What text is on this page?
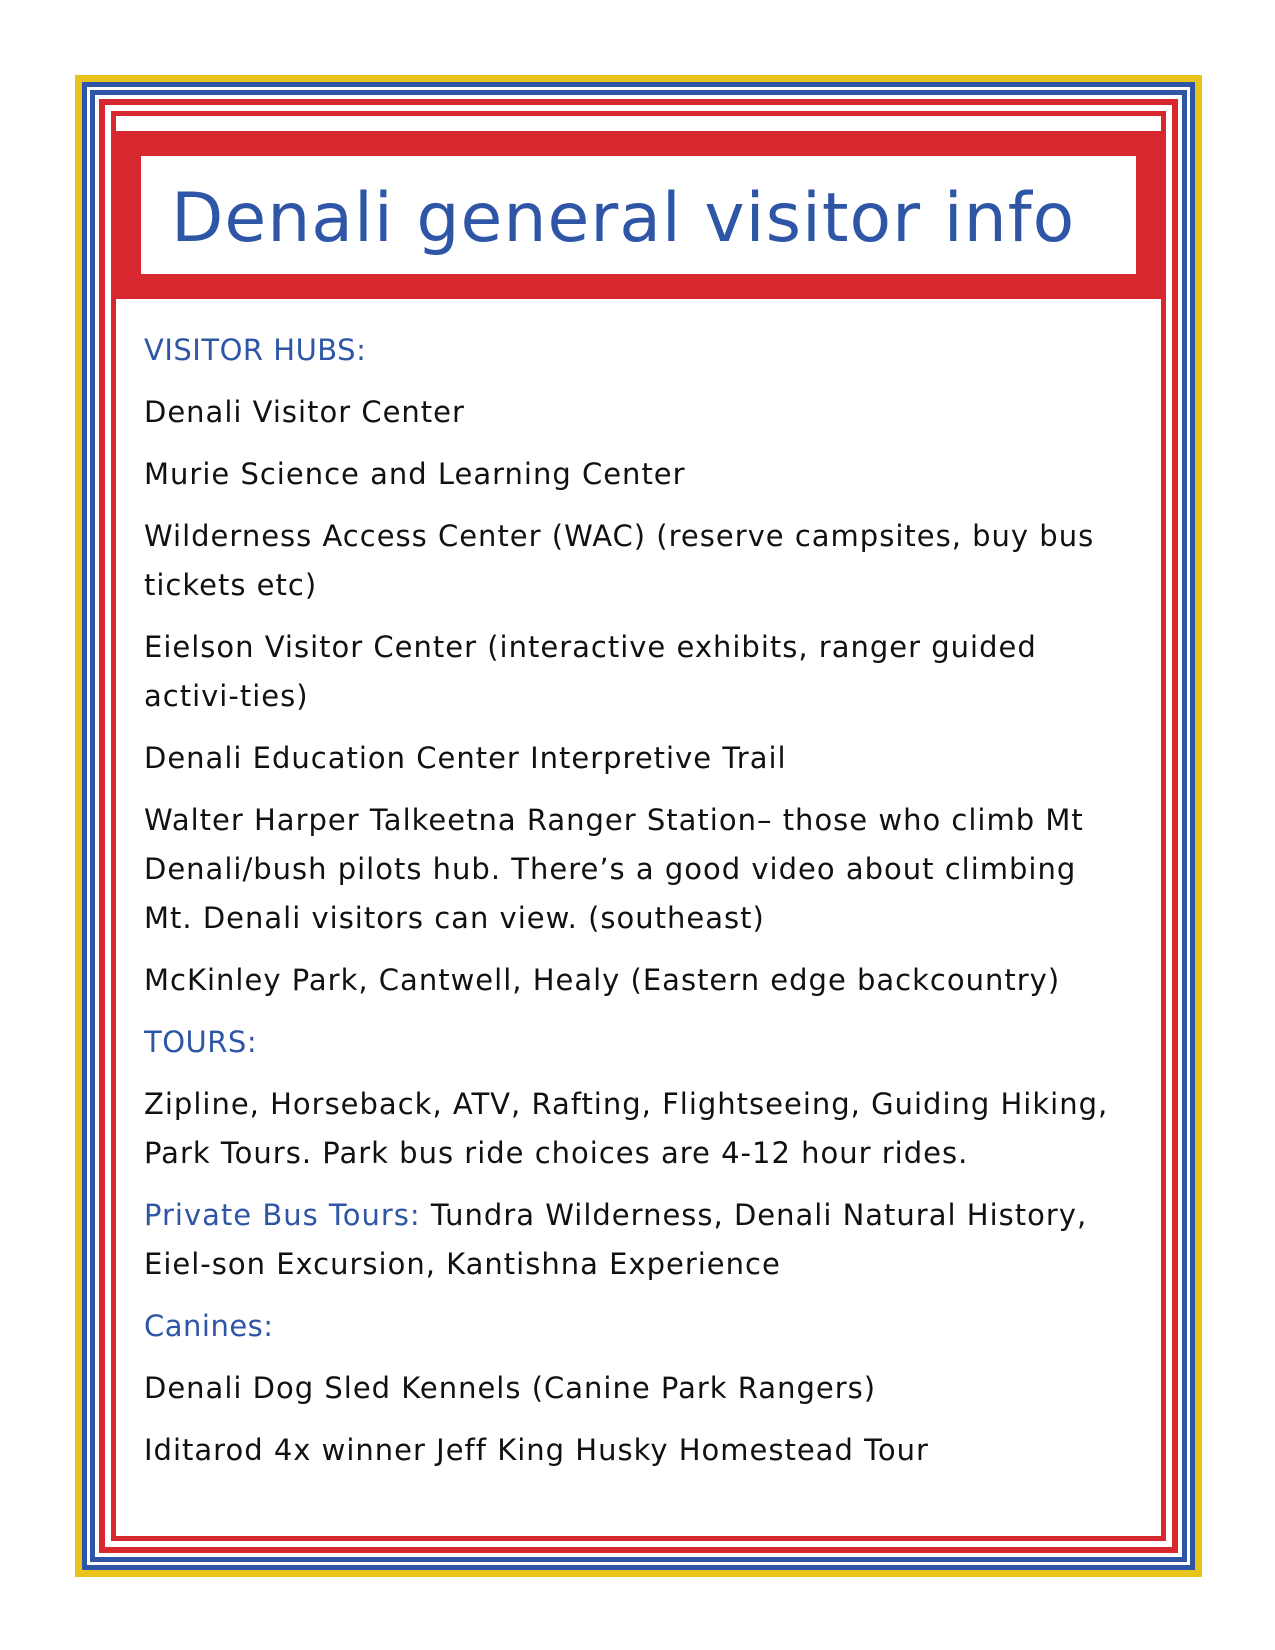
Denali general visitor info
VISITOR HUBS:
Denali Visitor Center
Murie Science and Learning Center
Wilderness Access Center (WAC) (reserve campsites, buy bus tickets etc)
Eielson Visitor Center (interactive exhibits, ranger guided activi-ties)
Denali Education Center Interpretive Trail
Walter Harper Talkeetna Ranger Station– those who climb Mt Denali/bush pilots hub. There’s a good video about climbing Mt. Denali visitors can view. (southeast)
McKinley Park, Cantwell, Healy (Eastern edge backcountry)
TOURS:
Zipline, Horseback, ATV, Rafting, Flightseeing, Guiding Hiking, Park Tours. Park bus ride choices are 4-12 hour rides.
Private Bus Tours: Tundra Wilderness, Denali Natural History, Eiel-son Excursion, Kantishna Experience
Canines:
Denali Dog Sled Kennels (Canine Park Rangers)
Iditarod 4x winner Jeff King Husky Homestead Tour
